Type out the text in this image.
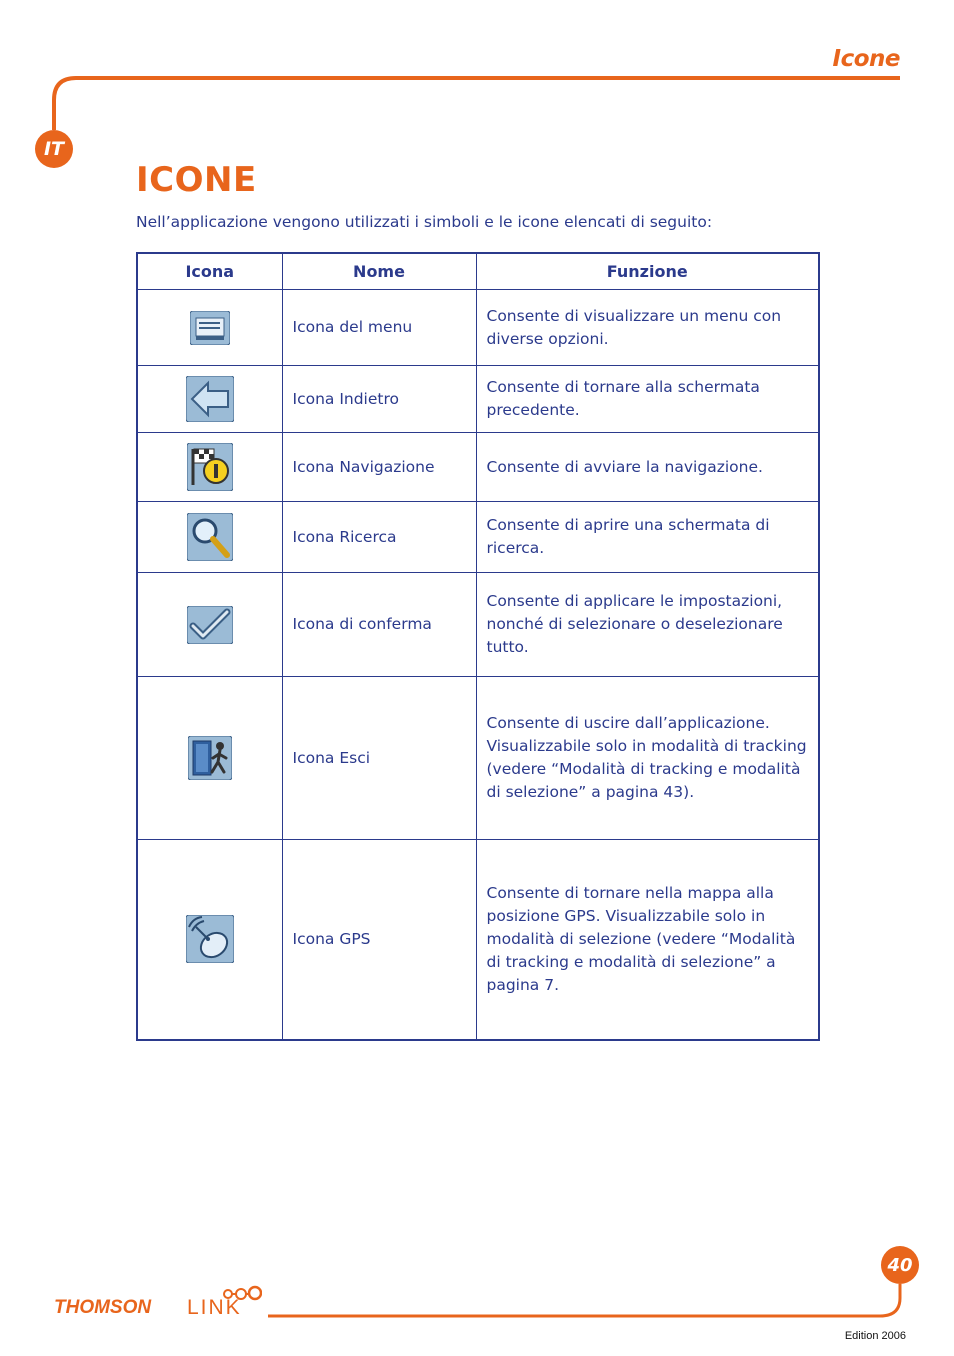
Icone
IT
ICONE

Nell’applicazione vengono utilizzati i simboli e le icone elencati di seguito:

Icona	Nome	Funzione
	Icona del menu	Consente di visualizzare un menu con diverse opzioni.
	Icona Indietro	Consente di tornare alla schermata precedente.
	Icona Navigazione	Consente di avviare la navigazione.
	Icona Ricerca	Consente di aprire una schermata di ricerca.
	Icona di conferma	Consente di applicare le impostazioni, nonché di selezionare o deselezionare tutto.
	Icona Esci	Consente di uscire dall’applicazione. Visualizzabile solo in modalità di tracking (vedere “Modalità di tracking e modalità di selezione” a pagina 43).
	Icona GPS	Consente di tornare nella mappa alla posizione GPS. Visualizzabile solo in modalità di selezione (vedere “Modalità di tracking e modalità di selezione” a pagina 7.
40
THOMSON LINK
Edition 2006
